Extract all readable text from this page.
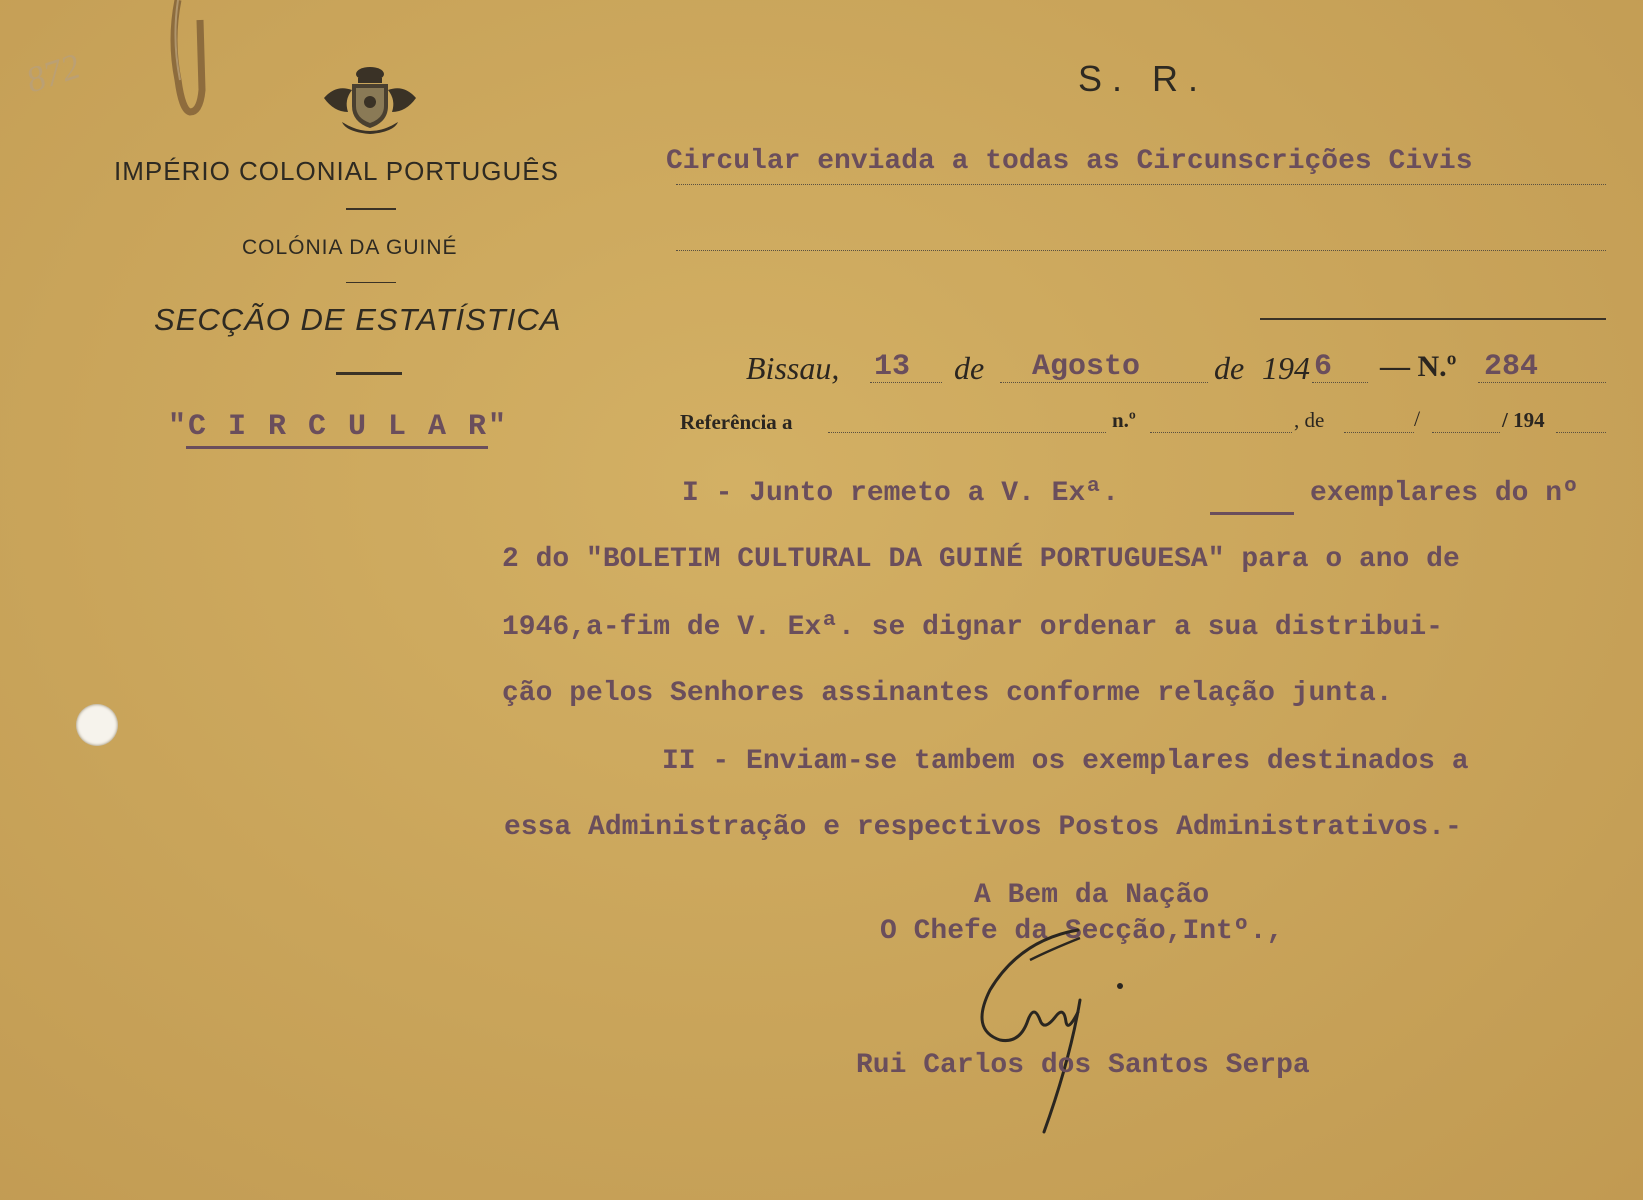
872	S. R.
IMPÉRIO COLONIAL PORTUGUÊS
COLÓNIA DA GUINÉ
SECÇÃO DE ESTATÍSTICA
"C I R C U L A R"
Circular enviada a todas as Circunscrições Civis
Bissau, 13 de Agosto de 194 6 — N.º 284
Referência a	n.º	, de	/	/ 194
I - Junto remeto a V. Exª.	exemplares do nº
2 do "BOLETIM CULTURAL DA GUINÉ PORTUGUESA" para o ano de
1946,a-fim de V. Exª. se dignar ordenar a sua distribui-
ção pelos Senhores assinantes conforme relação junta.
II - Enviam-se tambem os exemplares destinados a
essa Administração e respectivos Postos Administrativos.-
A Bem da Nação
O Chefe da Secção,Intº.,
Rui Carlos dos Santos Serpa
